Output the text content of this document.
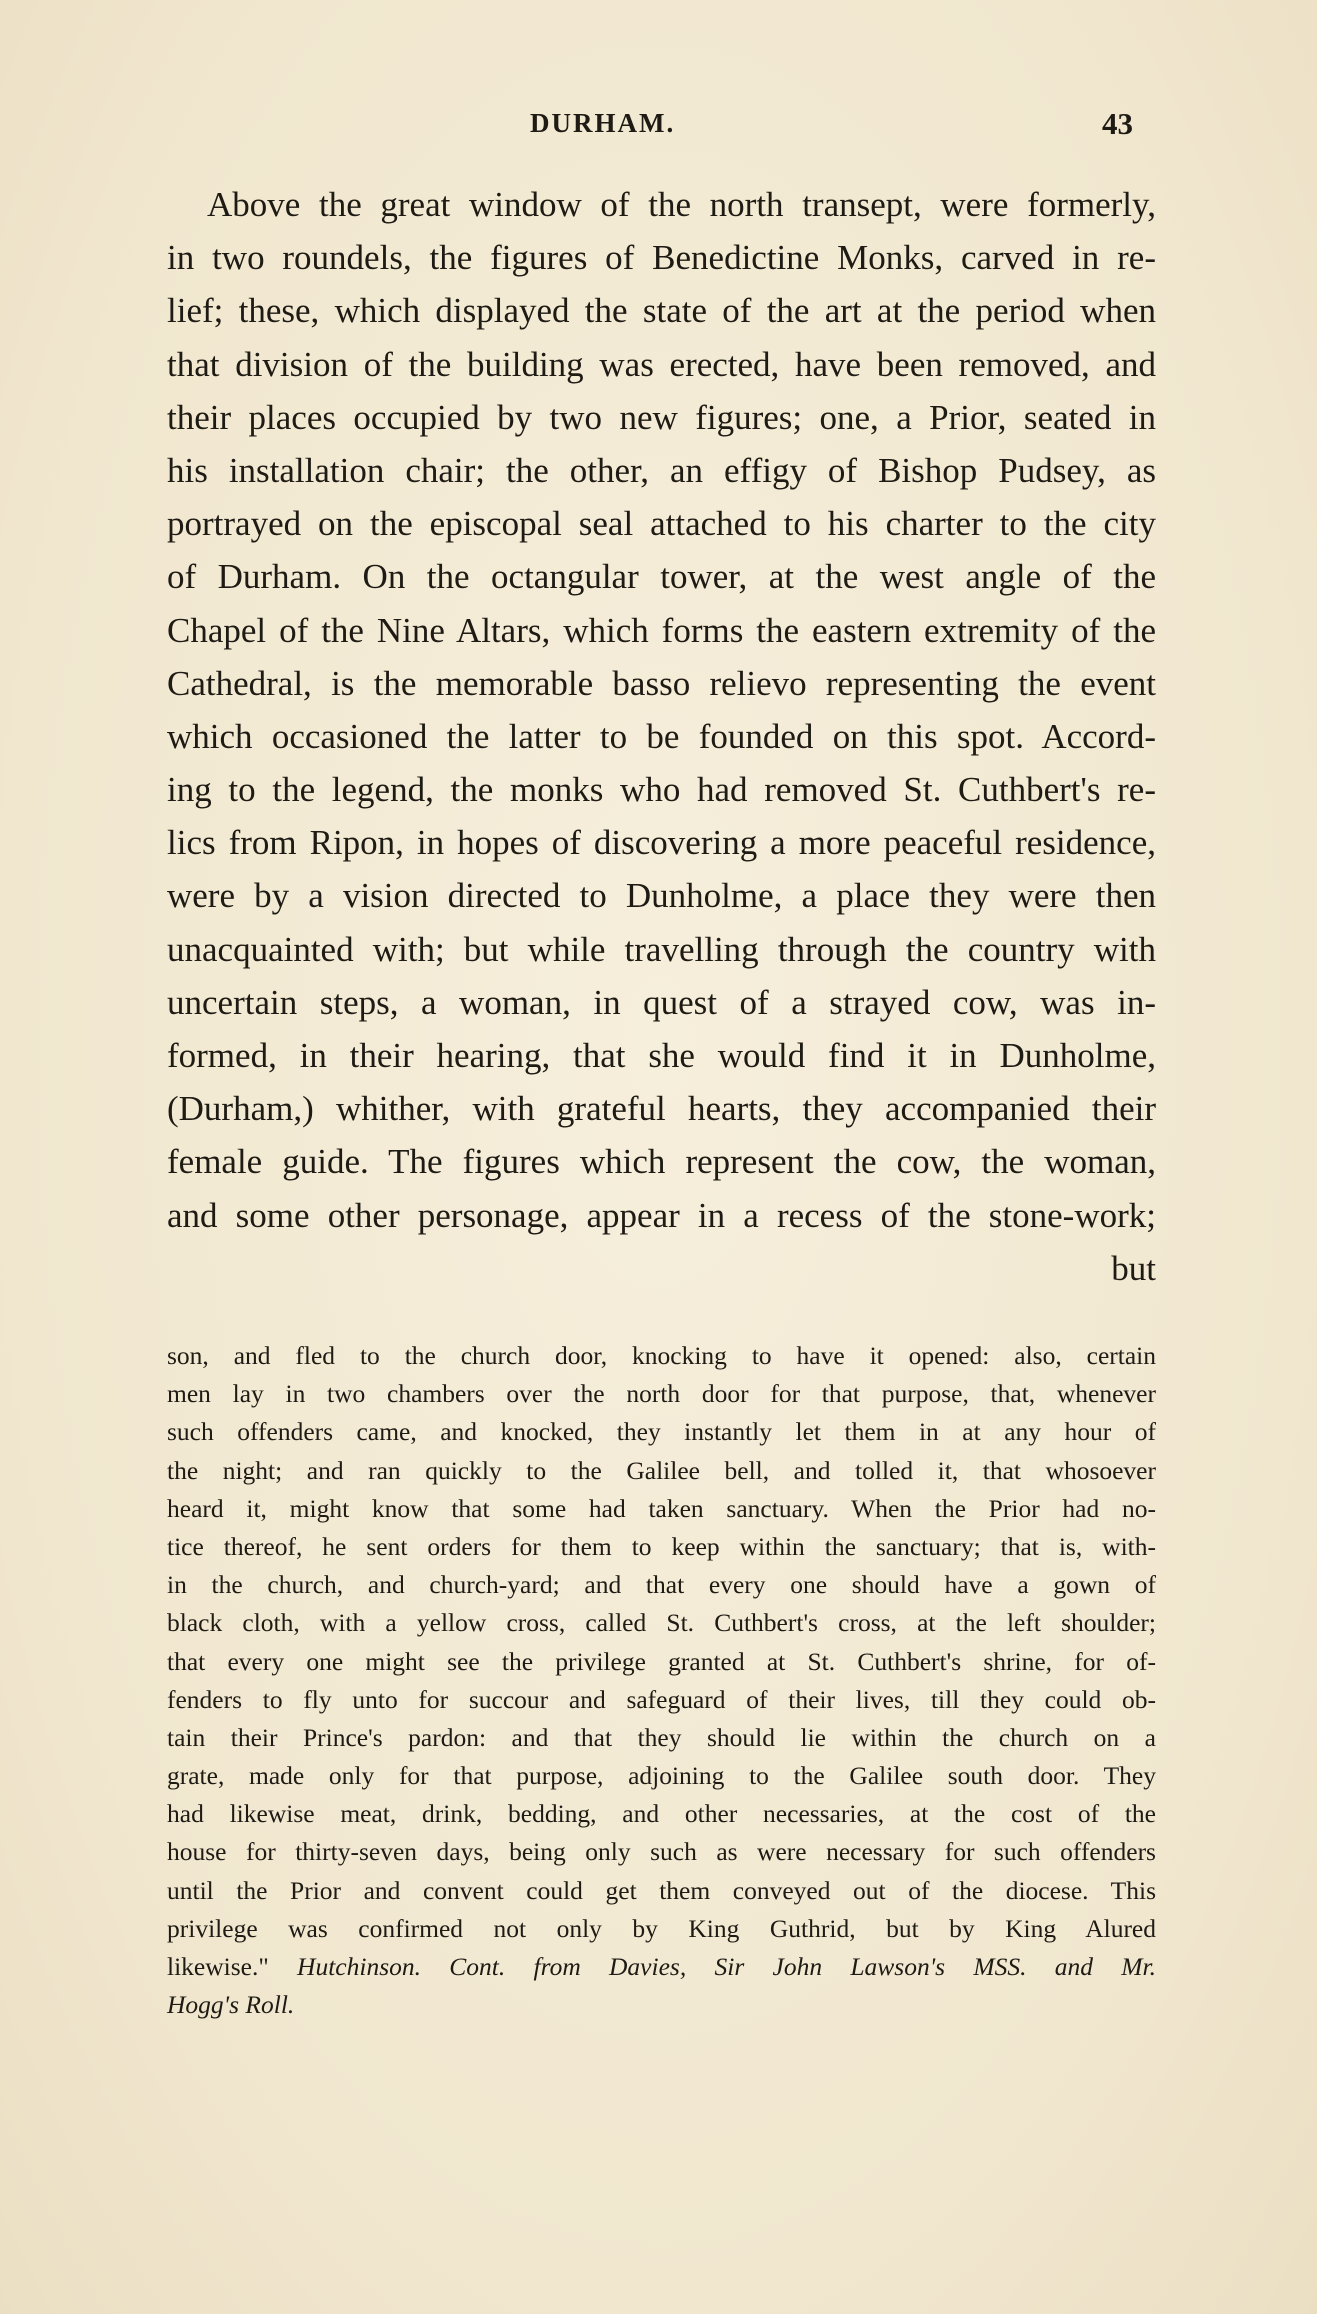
DURHAM.	43
Above the great window of the north transept, were formerly,
in two roundels, the figures of Benedictine Monks, carved in re-
lief; these, which displayed the state of the art at the period when
that division of the building was erected, have been removed, and
their places occupied by two new figures; one, a Prior, seated in
his installation chair; the other, an effigy of Bishop Pudsey, as
portrayed on the episcopal seal attached to his charter to the city
of Durham. On the octangular tower, at the west angle of the
Chapel of the Nine Altars, which forms the eastern extremity of the
Cathedral, is the memorable basso relievo representing the event
which occasioned the latter to be founded on this spot. Accord-
ing to the legend, the monks who had removed St. Cuthbert's re-
lics from Ripon, in hopes of discovering a more peaceful residence,
were by a vision directed to Dunholme, a place they were then
unacquainted with; but while travelling through the country with
uncertain steps, a woman, in quest of a strayed cow, was in-
formed, in their hearing, that she would find it in Dunholme,
(Durham,) whither, with grateful hearts, they accompanied their
female guide. The figures which represent the cow, the woman,
and some other personage, appear in a recess of the stone-work;
but
son, and fled to the church door, knocking to have it opened: also, certain
men lay in two chambers over the north door for that purpose, that, whenever
such offenders came, and knocked, they instantly let them in at any hour of
the night; and ran quickly to the Galilee bell, and tolled it, that whosoever
heard it, might know that some had taken sanctuary. When the Prior had no-
tice thereof, he sent orders for them to keep within the sanctuary; that is, with-
in the church, and church-yard; and that every one should have a gown of
black cloth, with a yellow cross, called St. Cuthbert's cross, at the left shoulder;
that every one might see the privilege granted at St. Cuthbert's shrine, for of-
fenders to fly unto for succour and safeguard of their lives, till they could ob-
tain their Prince's pardon: and that they should lie within the church on a
grate, made only for that purpose, adjoining to the Galilee south door. They
had likewise meat, drink, bedding, and other necessaries, at the cost of the
house for thirty-seven days, being only such as were necessary for such offenders
until the Prior and convent could get them conveyed out of the diocese. This
privilege was confirmed not only by King Guthrid, but by King Alured
likewise." Hutchinson. Cont. from Davies, Sir John Lawson's MSS. and Mr.
Hogg's Roll.
